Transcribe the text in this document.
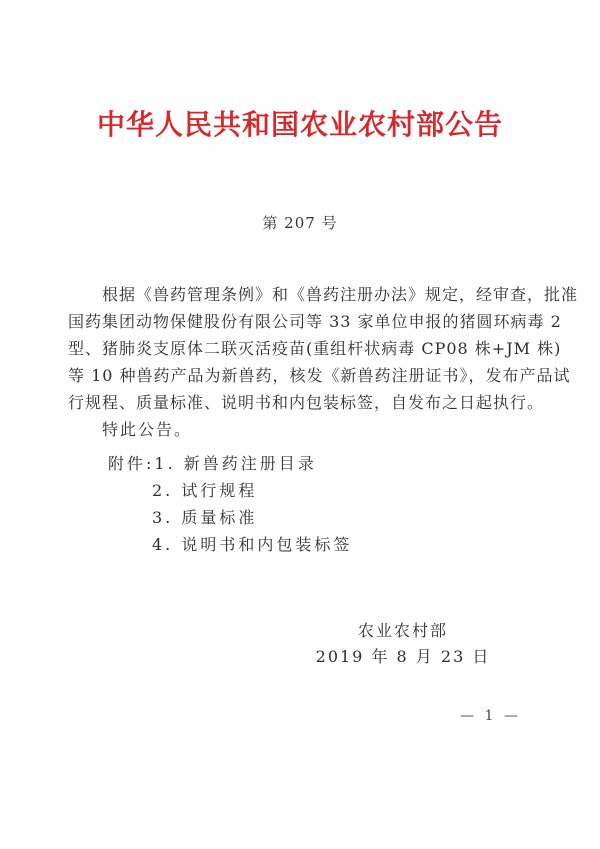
中华人民共和国农业农村部公告
第 207 号
根据《兽药管理条例》和《兽药注册办法》规定，经审查，批准
国药集团动物保健股份有限公司等 33 家单位申报的猪圆环病毒 2
型、猪肺炎支原体二联灭活疫苗(重组杆状病毒 CP08 株+JM 株)
等 10 种兽药产品为新兽药，核发《新兽药注册证书》，发布产品试
行规程、质量标准、说明书和内包装标签，自发布之日起执行。
特此公告。
附件:1. 新兽药注册目录
2. 试行规程
3. 质量标准
4. 说明书和内包装标签
农业农村部
2019 年 8 月 23 日
— 1 —
